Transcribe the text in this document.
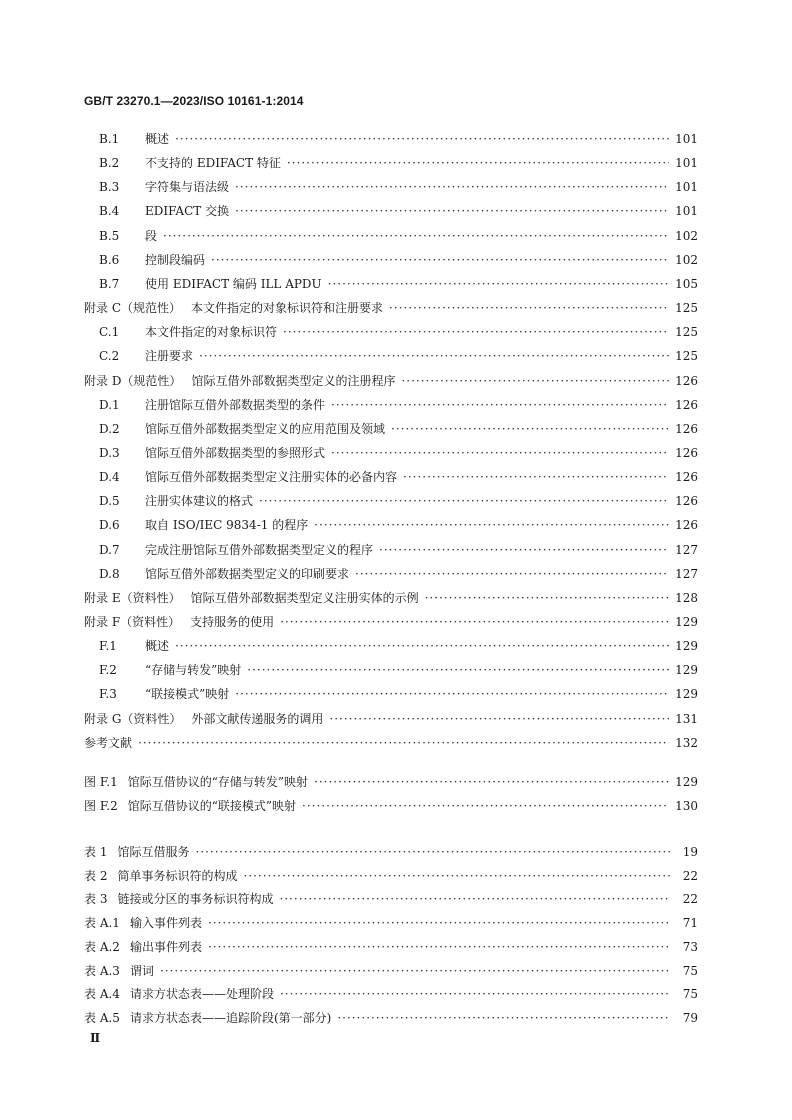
GB/T 23270.1—2023/ISO 10161-1:2014
B.1	概述 ·····	101
B.2	不支持的 EDIFACT 特征 ·····	101
B.3	字符集与语法级 ·····	101
B.4	EDIFACT 交换 ·····	101
B.5	段 ·····	102
B.6	控制段编码 ·····	102
B.7	使用 EDIFACT 编码 ILL APDU ·····	105
附录 C（规范性） 本文件指定的对象标识符和注册要求 ·····	125
C.1	本文件指定的对象标识符 ·····	125
C.2	注册要求 ·····	125
附录 D（规范性） 馆际互借外部数据类型定义的注册程序 ·····	126
D.1	注册馆际互借外部数据类型的条件 ·····	126
D.2	馆际互借外部数据类型定义的应用范围及领域 ·····	126
D.3	馆际互借外部数据类型的参照形式 ·····	126
D.4	馆际互借外部数据类型定义注册实体的必备内容 ·····	126
D.5	注册实体建议的格式 ·····	126
D.6	取自 ISO/IEC 9834-1 的程序 ·····	126
D.7	完成注册馆际互借外部数据类型定义的程序 ·····	127
D.8	馆际互借外部数据类型定义的印刷要求 ·····	127
附录 E（资料性） 馆际互借外部数据类型定义注册实体的示例 ·····	128
附录 F（资料性） 支持服务的使用 ·····	129
F.1	概述 ·····	129
F.2	“存储与转发”映射 ·····	129
F.3	“联接模式”映射 ·····	129
附录 G（资料性） 外部文献传递服务的调用 ·····	131
参考文献 ·····	132
图 F.1 馆际互借协议的“存储与转发”映射 ·····	129
图 F.2 馆际互借协议的“联接模式”映射 ·····	130
表 1 馆际互借服务 ·····	19
表 2 简单事务标识符的构成 ·····	22
表 3 链接或分区的事务标识符构成 ·····	22
表 A.1 输入事件列表 ·····	71
表 A.2 输出事件列表 ·····	73
表 A.3 谓词 ·····	75
表 A.4 请求方状态表——处理阶段 ·····	75
表 A.5 请求方状态表——追踪阶段(第一部分) ·····	79
Ⅱ
